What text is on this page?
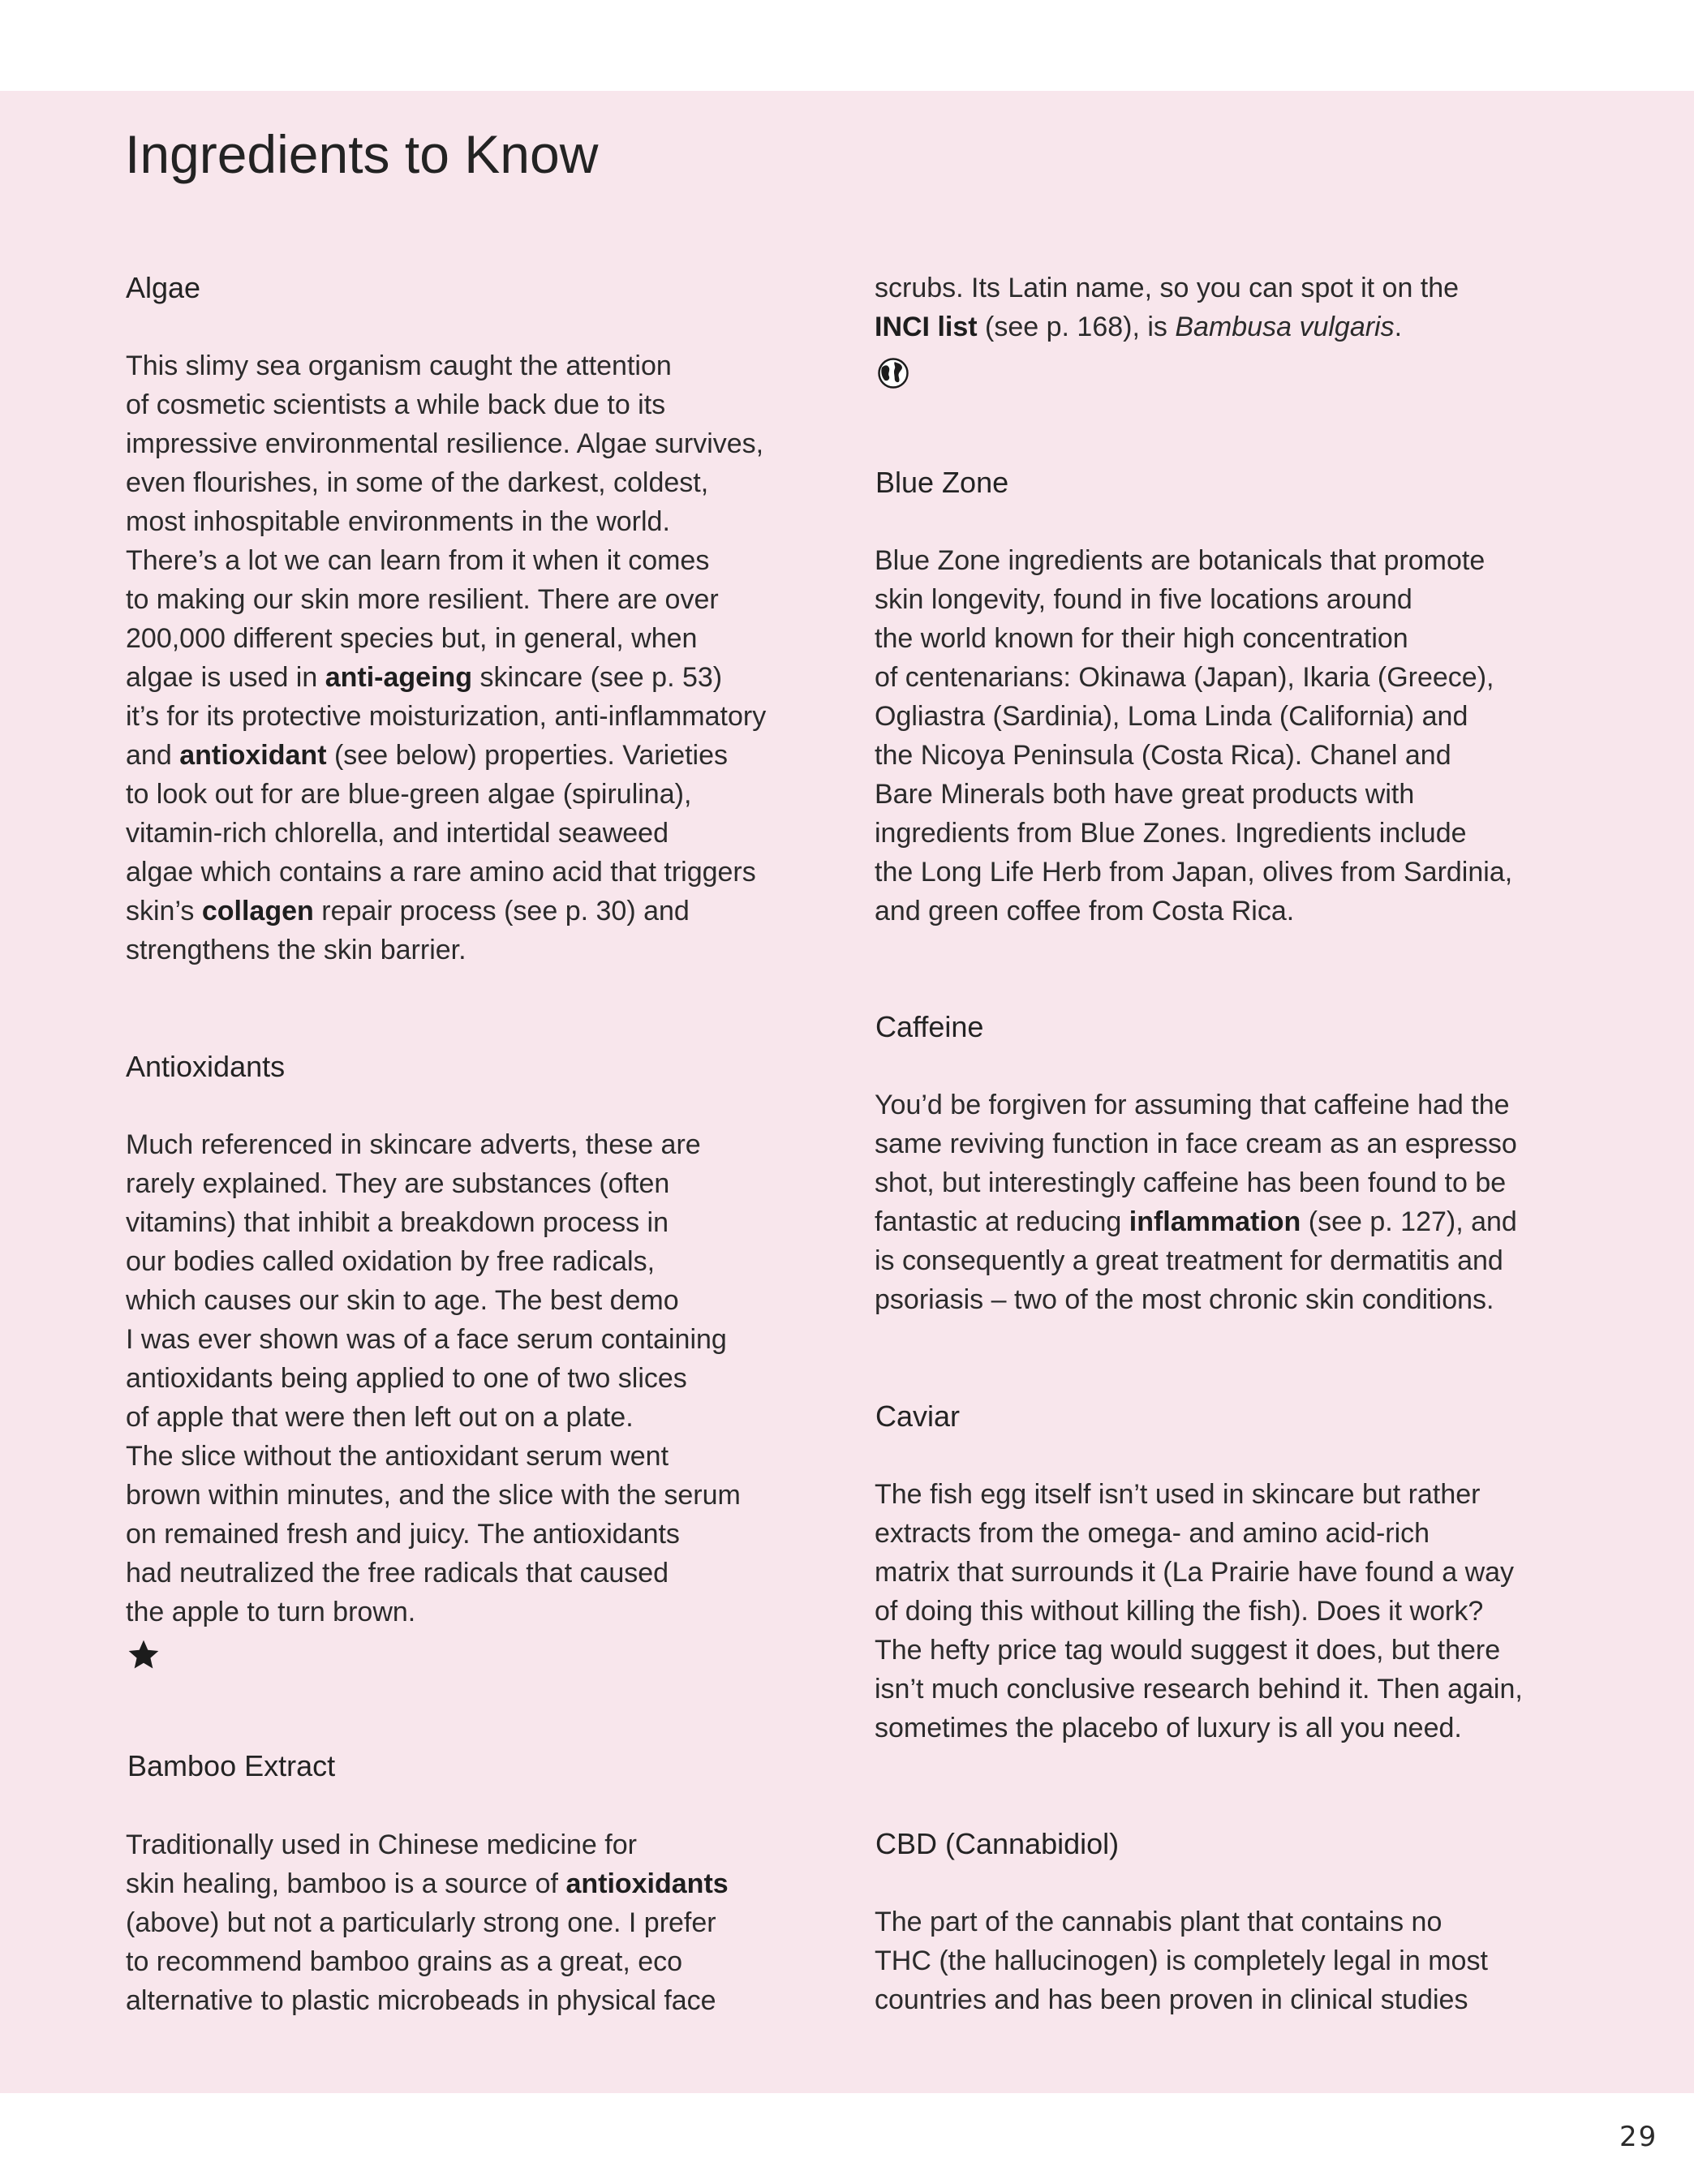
Ingredients to Know
Algae
This slimy sea organism caught the attention
of cosmetic scientists a while back due to its
impressive environmental resilience. Algae survives,
even flourishes, in some of the darkest, coldest,
most inhospitable environments in the world.
There’s a lot we can learn from it when it comes
to making our skin more resilient. There are over
200,000 different species but, in general, when
algae is used in anti-ageing skincare (see p. 53)
it’s for its protective moisturization, anti-inflammatory
and antioxidant (see below) properties. Varieties
to look out for are blue-green algae (spirulina),
vitamin-rich chlorella, and intertidal seaweed
algae which contains a rare amino acid that triggers
skin’s collagen repair process (see p. 30) and
strengthens the skin barrier.
Antioxidants
Much referenced in skincare adverts, these are
rarely explained. They are substances (often
vitamins) that inhibit a breakdown process in
our bodies called oxidation by free radicals,
which causes our skin to age. The best demo
I was ever shown was of a face serum containing
antioxidants being applied to one of two slices
of apple that were then left out on a plate.
The slice without the antioxidant serum went
brown within minutes, and the slice with the serum
on remained fresh and juicy. The antioxidants
had neutralized the free radicals that caused
the apple to turn brown.
Bamboo Extract
Traditionally used in Chinese medicine for
skin healing, bamboo is a source of antioxidants
(above) but not a particularly strong one. I prefer
to recommend bamboo grains as a great, eco
alternative to plastic microbeads in physical face
scrubs. Its Latin name, so you can spot it on the
INCI list (see p. 168), is Bambusa vulgaris.
Blue Zone
Blue Zone ingredients are botanicals that promote
skin longevity, found in five locations around
the world known for their high concentration
of centenarians: Okinawa (Japan), Ikaria (Greece),
Ogliastra (Sardinia), Loma Linda (California) and
the Nicoya Peninsula (Costa Rica). Chanel and
Bare Minerals both have great products with
ingredients from Blue Zones. Ingredients include
the Long Life Herb from Japan, olives from Sardinia,
and green coffee from Costa Rica.
Caffeine
You’d be forgiven for assuming that caffeine had the
same reviving function in face cream as an espresso
shot, but interestingly caffeine has been found to be
fantastic at reducing inflammation (see p. 127), and
is consequently a great treatment for dermatitis and
psoriasis – two of the most chronic skin conditions.
Caviar
The fish egg itself isn’t used in skincare but rather
extracts from the omega- and amino acid-rich
matrix that surrounds it (La Prairie have found a way
of doing this without killing the fish). Does it work?
The hefty price tag would suggest it does, but there
isn’t much conclusive research behind it. Then again,
sometimes the placebo of luxury is all you need.
CBD (Cannabidiol)
The part of the cannabis plant that contains no
THC (the hallucinogen) is completely legal in most
countries and has been proven in clinical studies
29
